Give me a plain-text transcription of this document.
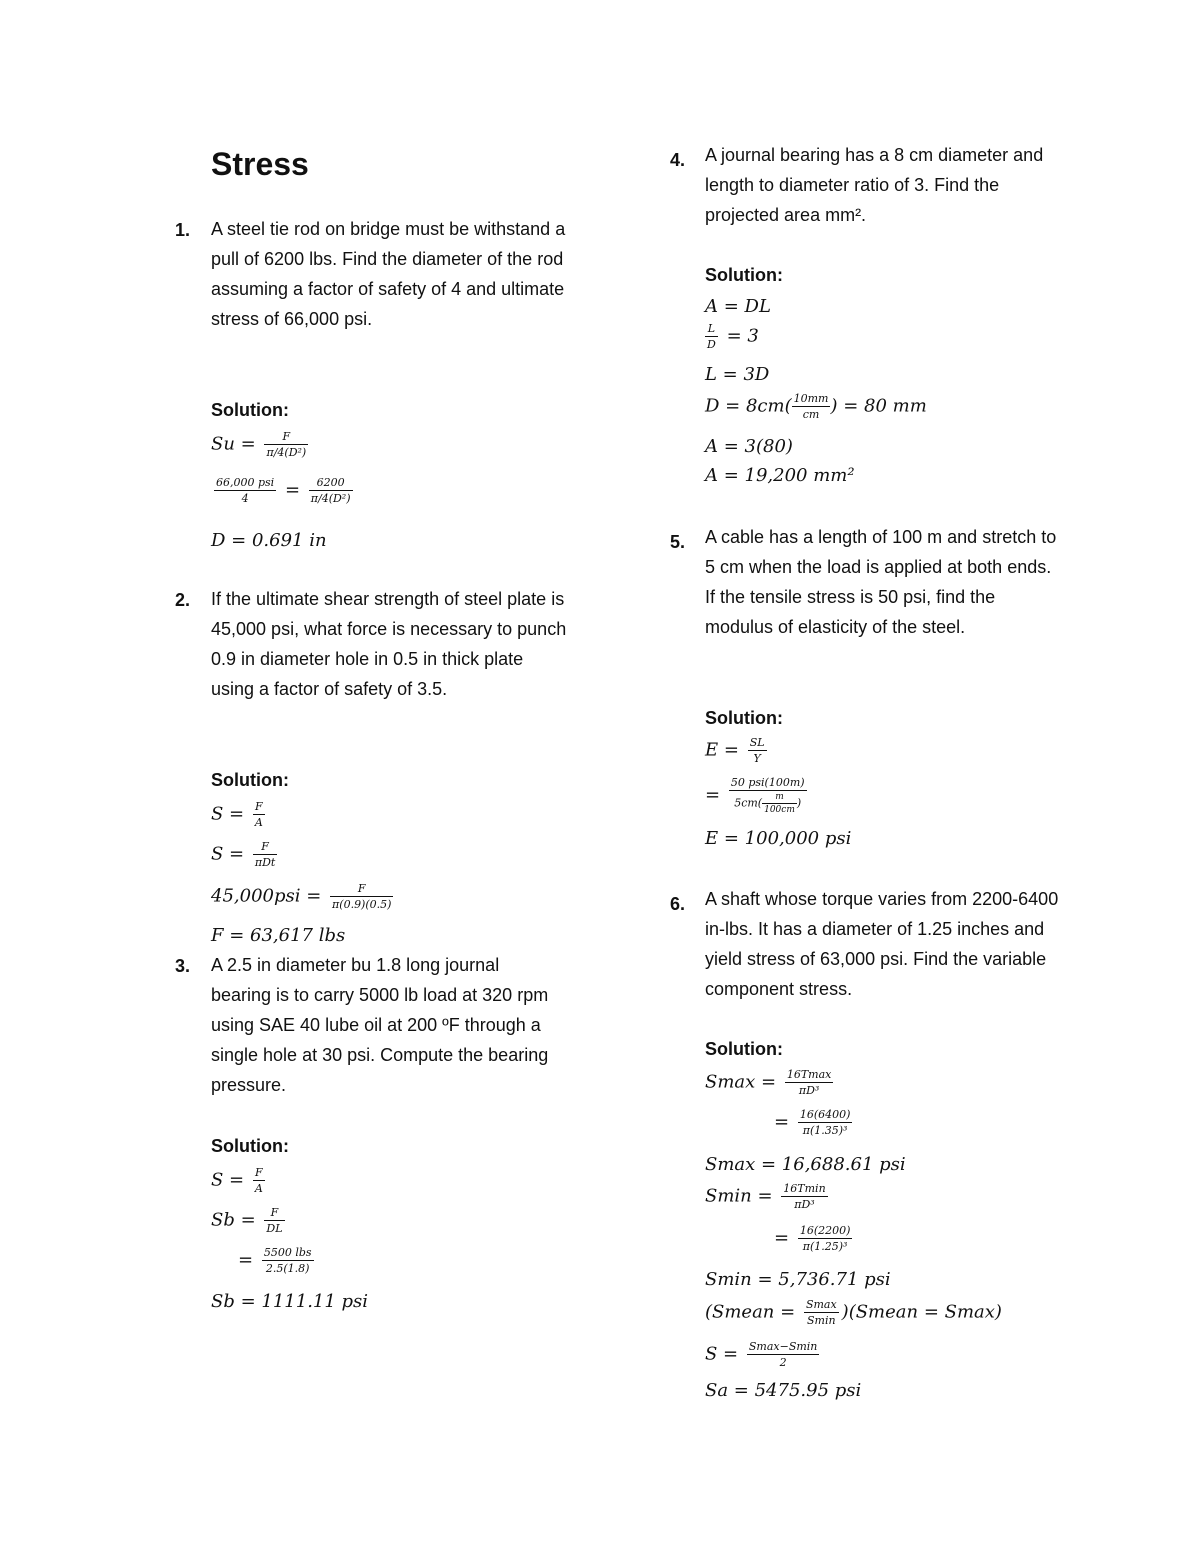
Stress
1.	A steel tie rod on bridge must be withstand a pull of 6200 lbs. Find the diameter of the rod assuming a factor of safety of 4 and ultimate stress of 66,000 psi.
Solution:
$Su = \frac{F}{\text{π/4(D²)}}$
$\frac{\text{66,000 psi}}{4} = \frac{6200}{\text{π/4(D²)}}$
D = 0.691 in
2.	If the ultimate shear strength of steel plate is 45,000 psi, what force is necessary to punch 0.9 in diameter hole in 0.5 in thick plate using a factor of safety of 3.5.
Solution:
$S = \frac{F}{A}$
$S = \frac{F}{\text{πDt}}$
$45,000psi = \frac{F}{\pi(0.9)(0.5)}$
F = 63,617 lbs
3.	A 2.5 in diameter bu 1.8 long journal bearing is to carry 5000 lb load at 320 rpm using SAE 40 lube oil at 200 ºF through a single hole at 30 psi. Compute the bearing pressure.
Solution:
$S = \frac{F}{A}$
$Sb = \frac{F}{DL}$
= $\frac{\text{5500 lbs}}{2.5(1.8)}$
Sb = 1111.11 psi
4.	A journal bearing has a 8 cm diameter and length to diameter ratio of 3. Find the projected area mm².
Solution:
A = DL
$\frac{L}{D} = 3$
L = 3D
$D = 8cm( \frac{10mm}{cm}$ ) = 80 mm
A = 3(80)
A = 19,200 mm²
5.	A cable has a length of 100 m and stretch to 5 cm when the load is applied at both ends. If the tensile stress is 50 psi, find the modulus of elasticity of the steel.
Solution:
$E = \frac{SL}{Y}$
= $\frac{\text{50 psi(100m)}}{5cm( \frac{m}{100cm} )}$
E = 100,000 psi
6.	A shaft whose torque varies from 2200-6400 in-lbs. It has a diameter of 1.25 inches and yield stress of 63,000 psi. Find the variable component stress.
Solution:
$Smax = \frac{16Tmax}{\text{πD³}}$
= $\frac{16(6400)}{\text{π(1.35)³}}$
Smax = 16,688.61 psi
$Smin = \frac{16Tmin}{\text{πD³}}$
= $\frac{16(2200)}{\text{π(1.25)³}}$
Smin = 5,736.71 psi
(Smean = $\frac{Smax}{Smin}$ )(Smean = Smax)
$S = \frac{Smax-Smin}{2}$
Sa = 5475.95 psi
